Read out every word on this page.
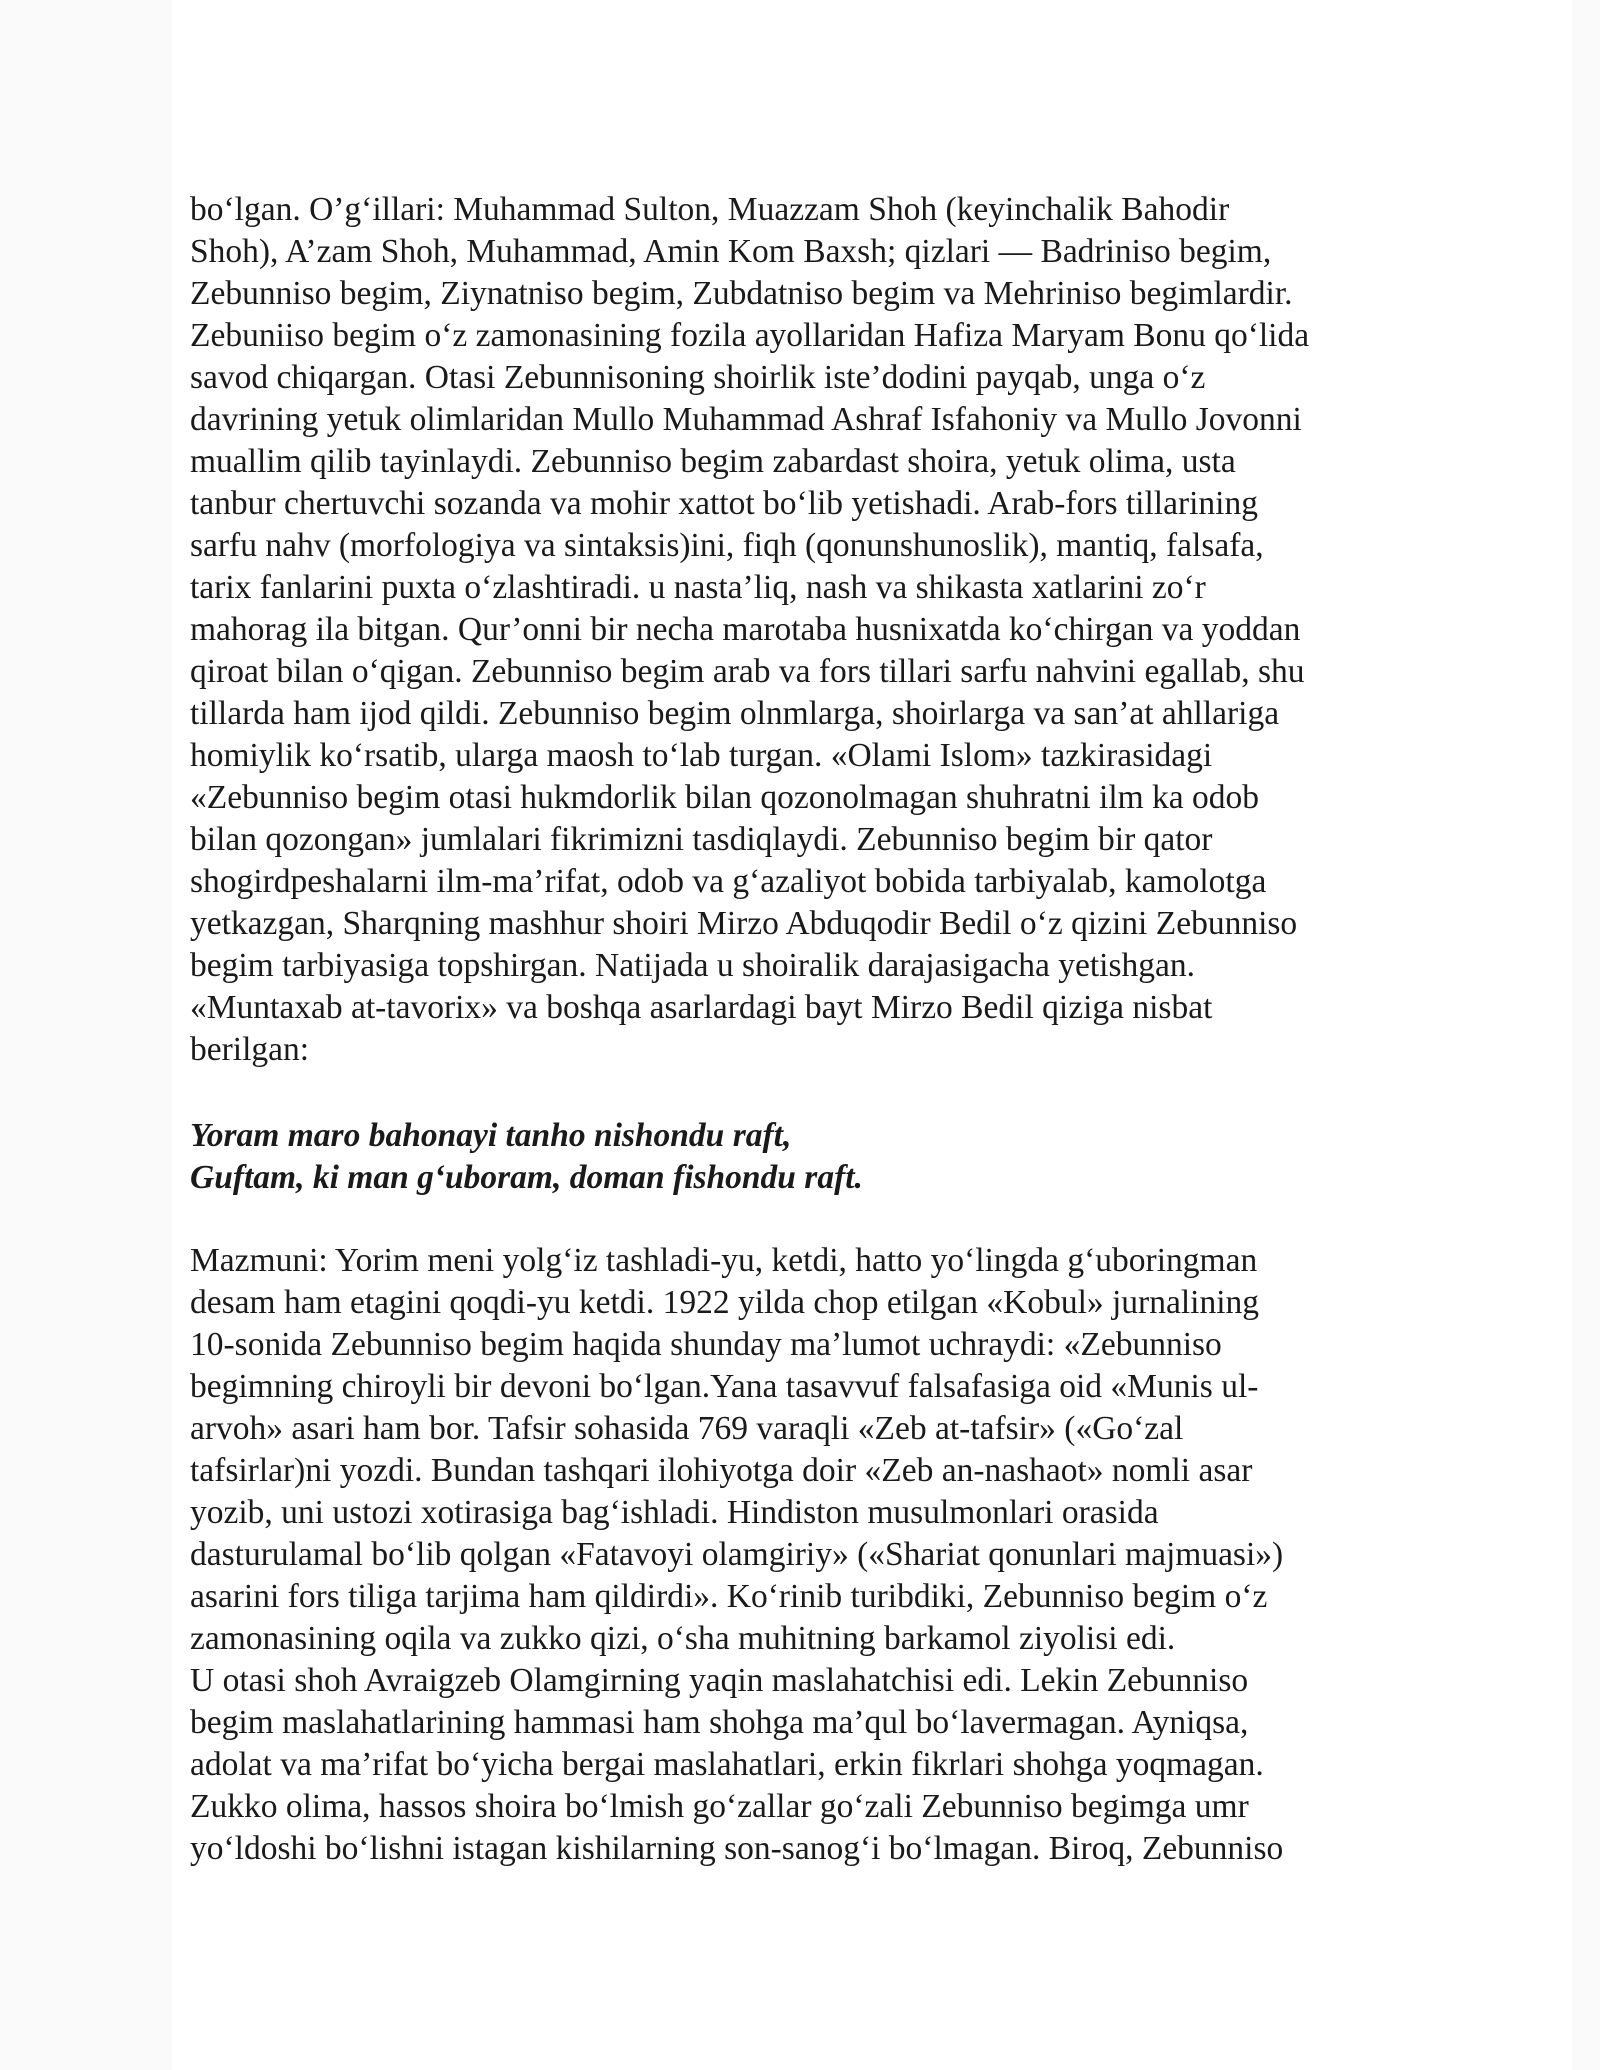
bo‘lgan. O’g‘illari: Muhammad Sulton, Muazzam Shoh (keyinchalik Bahodir
Shoh), A’zam Shoh, Muhammad, Amin Kom Baxsh; qizlari — Badriniso begim,
Zebunniso begim, Ziynatniso begim, Zubdatniso begim va Mehriniso begimlardir.
Zebuniiso begim o‘z zamonasining fozila ayollaridan Hafiza Maryam Bonu qo‘lida
savod chiqargan. Otasi Zebunnisoning shoirlik iste’dodini payqab, unga o‘z
davrining yetuk olimlaridan Mullo Muhammad Ashraf Isfahoniy va Mullo Jovonni
muallim qilib tayinlaydi. Zebunniso begim zabardast shoira, yetuk olima, usta
tanbur chertuvchi sozanda va mohir xattot bo‘lib yetishadi. Arab-fors tillarining
sarfu nahv (morfologiya va sintaksis)ini, fiqh (qonunshunoslik), mantiq, falsafa,
tarix fanlarini puxta o‘zlashtiradi. u nasta’liq, nash va shikasta xatlarini zo‘r
mahorag ila bitgan. Qur’onni bir necha marotaba husnixatda ko‘chirgan va yoddan
qiroat bilan o‘qigan. Zebunniso begim arab va fors tillari sarfu nahvini egallab, shu
tillarda ham ijod qildi. Zebunniso begim olnmlarga, shoirlarga va san’at ahllariga
homiylik ko‘rsatib, ularga maosh to‘lab turgan. «Olami Islom» tazkirasidagi
«Zebunniso begim otasi hukmdorlik bilan qozonolmagan shuhratni ilm ka odob
bilan qozongan» jumlalari fikrimizni tasdiqlaydi. Zebunniso begim bir qator
shogirdpeshalarni ilm-ma’rifat, odob va g‘azaliyot bobida tarbiyalab, kamolotga
yetkazgan, Sharqning mashhur shoiri Mirzo Abduqodir Bedil o‘z qizini Zebunniso
begim tarbiyasiga topshirgan. Natijada u shoiralik darajasigacha yetishgan.
«Muntaxab at-tavorix» va boshqa asarlardagi bayt Mirzo Bedil qiziga nisbat
berilgan:
Yoram maro bahonayi tanho nishondu raft,
Guftam, ki man g‘uboram, doman fishondu raft.
Mazmuni: Yorim meni yolg‘iz tashladi-yu, ketdi, hatto yo‘lingda g‘uboringman
desam ham etagini qoqdi-yu ketdi. 1922 yilda chop etilgan «Kobul» jurnalining
10-sonida Zebunniso begim haqida shunday ma’lumot uchraydi: «Zebunniso
begimning chiroyli bir devoni bo‘lgan.Yana tasavvuf falsafasiga oid «Munis ul-
arvoh» asari ham bor. Tafsir sohasida 769 varaqli «Zeb at-tafsir» («Go‘zal
tafsirlar)ni yozdi. Bundan tashqari ilohiyotga doir «Zeb an-nashaot» nomli asar
yozib, uni ustozi xotirasiga bag‘ishladi. Hindiston musulmonlari orasida
dasturulamal bo‘lib qolgan «Fatavoyi olamgiriy» («Shariat qonunlari majmuasi»)
asarini fors tiliga tarjima ham qildirdi». Ko‘rinib turibdiki, Zebunniso begim o‘z
zamonasining oqila va zukko qizi, o‘sha muhitning barkamol ziyolisi edi.
U otasi shoh Avraigzeb Olamgirning yaqin maslahatchisi edi. Lekin Zebunniso
begim maslahatlarining hammasi ham shohga ma’qul bo‘lavermagan. Ayniqsa,
adolat va ma’rifat bo‘yicha bergai maslahatlari, erkin fikrlari shohga yoqmagan.
Zukko olima, hassos shoira bo‘lmish go‘zallar go‘zali Zebunniso begimga umr
yo‘ldoshi bo‘lishni istagan kishilarning son-sanog‘i bo‘lmagan. Biroq, Zebunniso
